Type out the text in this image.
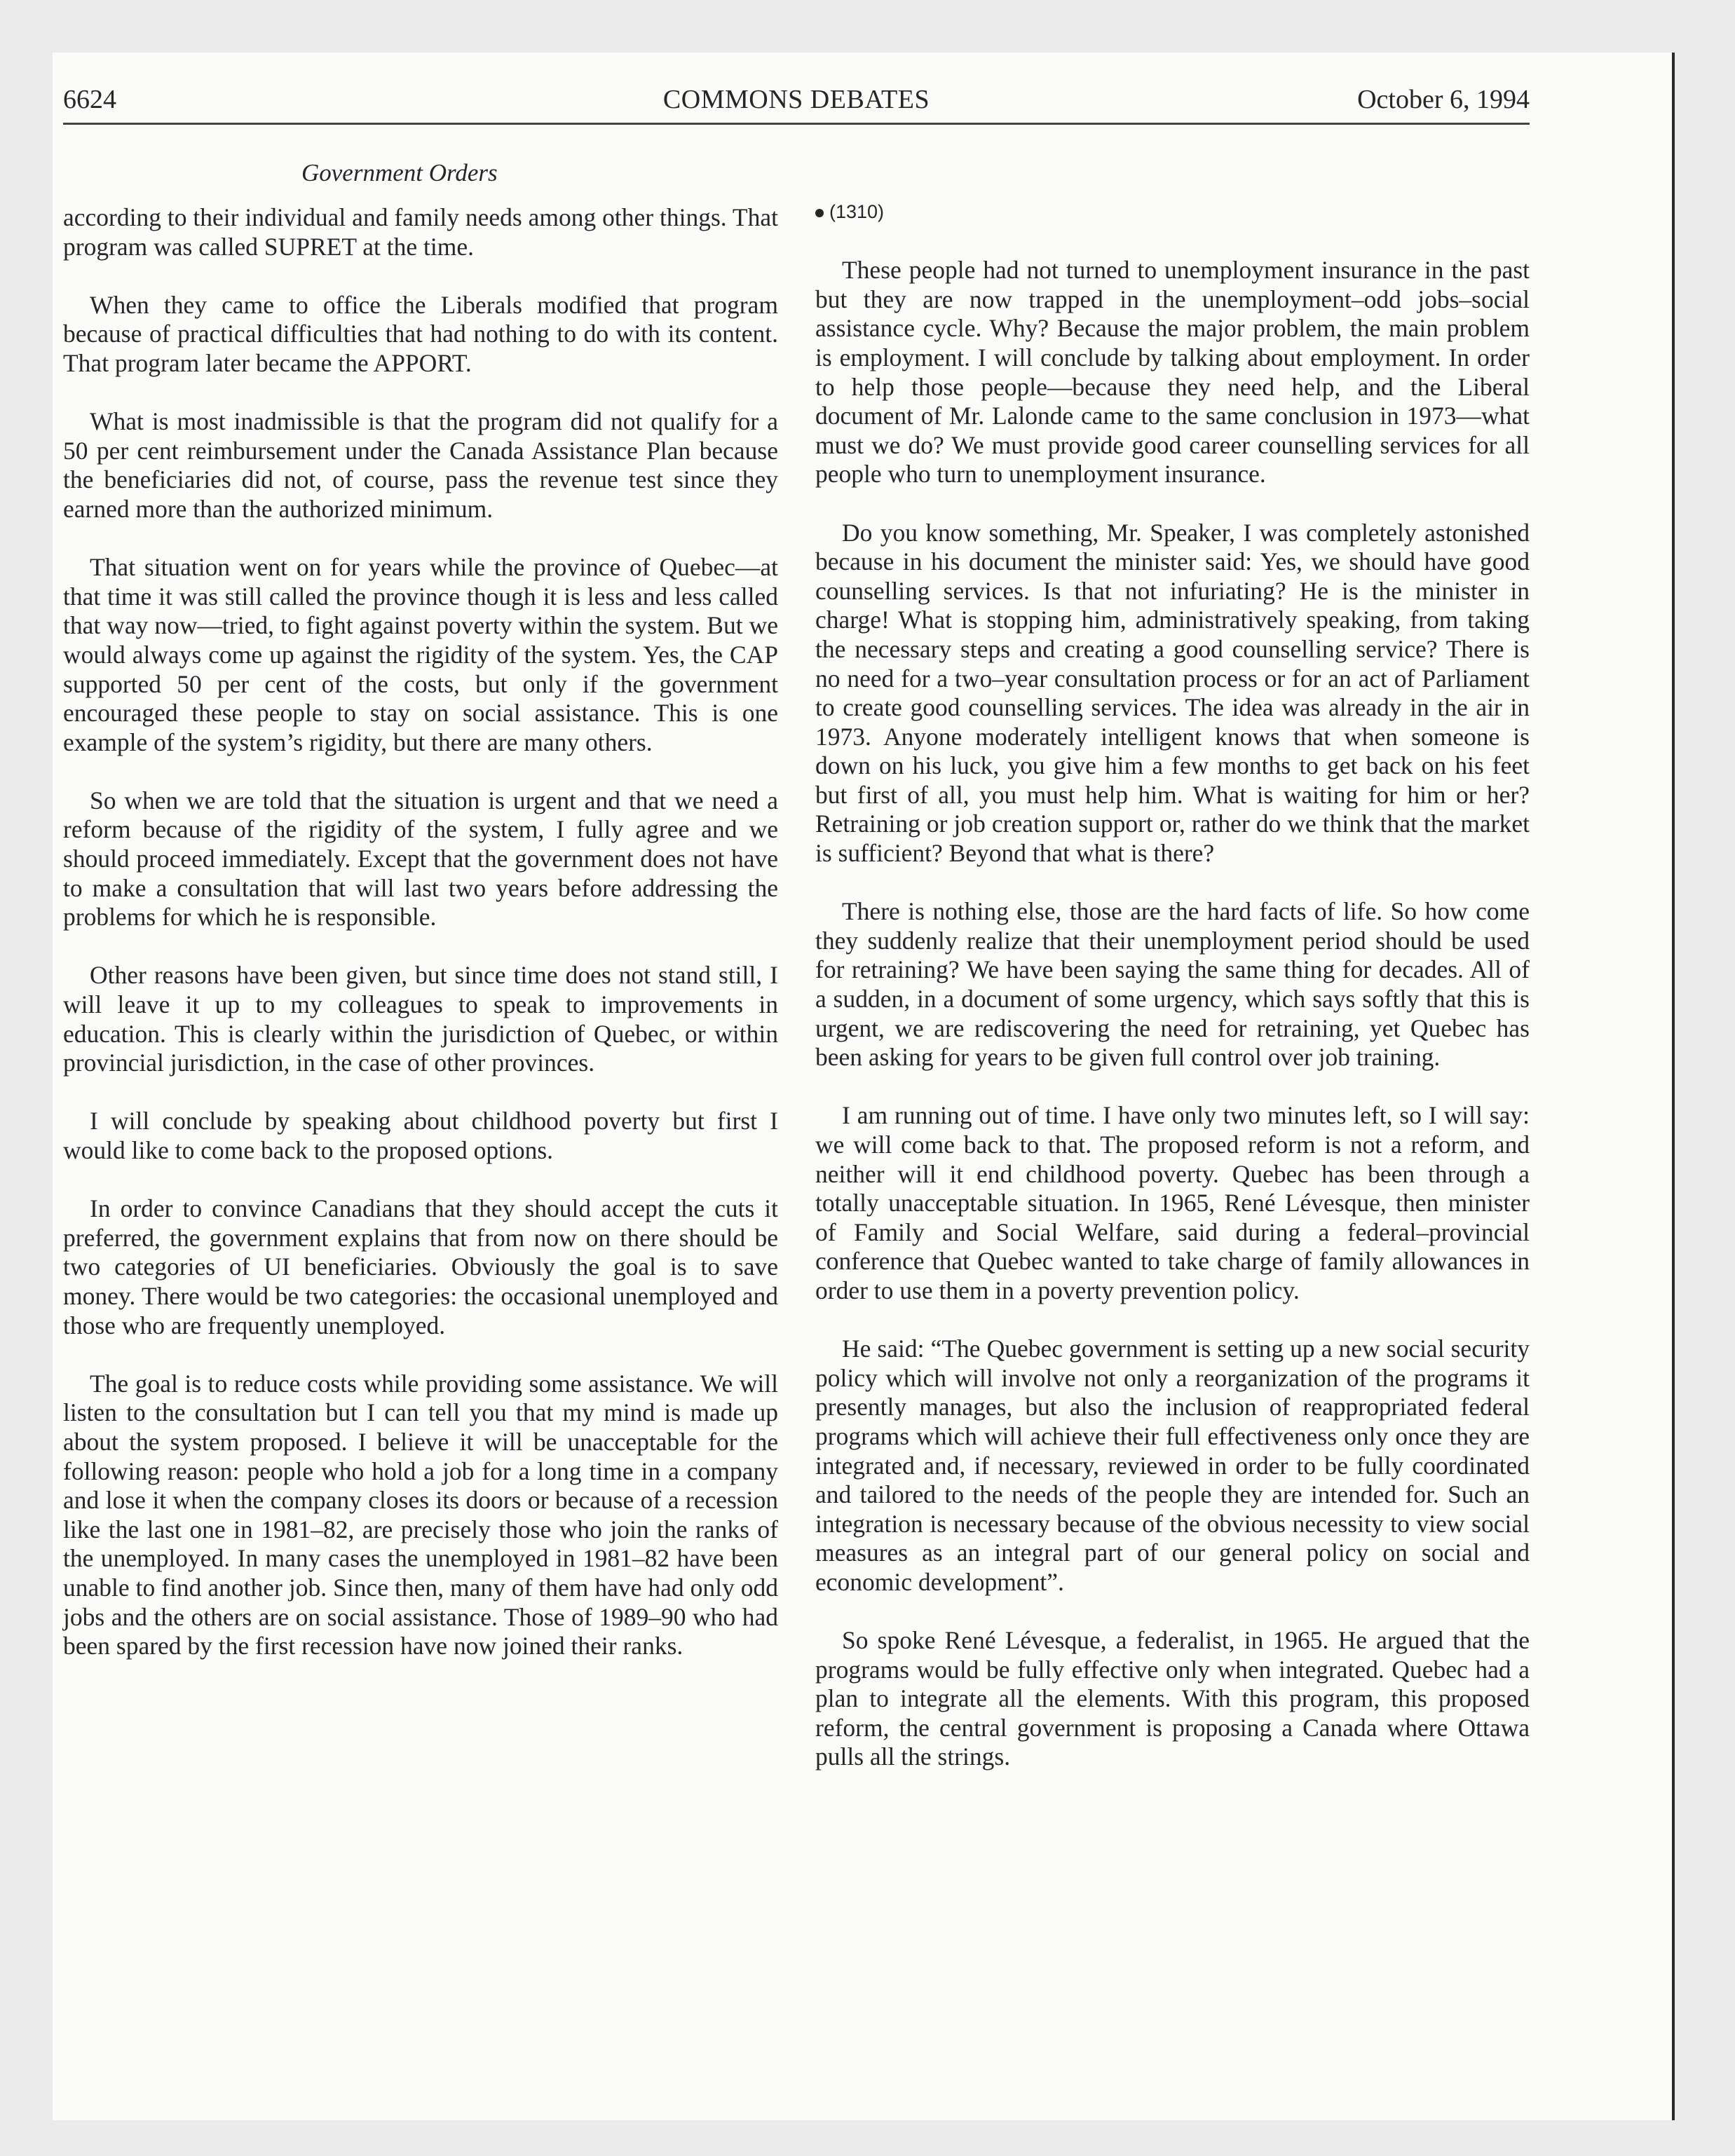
6624	COMMONS DEBATES	October 6, 1994
Government Orders

according to their individual and family needs among other things. That program was called SUPRET at the time.

When they came to office the Liberals modified that program because of practical difficulties that had nothing to do with its content. That program later became the APPORT.

What is most inadmissible is that the program did not qualify for a 50 per cent reimbursement under the Canada Assistance Plan because the beneficiaries did not, of course, pass the revenue test since they earned more than the authorized minimum.

That situation went on for years while the province of Quebec—at that time it was still called the province though it is less and less called that way now—tried, to fight against poverty within the system. But we would always come up against the rigidity of the system. Yes, the CAP supported 50 per cent of the costs, but only if the government encouraged these people to stay on social assistance. This is one example of the system’s rigidity, but there are many others.

So when we are told that the situation is urgent and that we need a reform because of the rigidity of the system, I fully agree and we should proceed immediately. Except that the government does not have to make a consultation that will last two years before addressing the problems for which he is responsible.

Other reasons have been given, but since time does not stand still, I will leave it up to my colleagues to speak to improvements in education. This is clearly within the jurisdiction of Quebec, or within provincial jurisdiction, in the case of other provinces.

I will conclude by speaking about childhood poverty but first I would like to come back to the proposed options.

In order to convince Canadians that they should accept the cuts it preferred, the government explains that from now on there should be two categories of UI beneficiaries. Obviously the goal is to save money. There would be two categories: the occasional unemployed and those who are frequently unemployed.

The goal is to reduce costs while providing some assistance. We will listen to the consultation but I can tell you that my mind is made up about the system proposed. I believe it will be unacceptable for the following reason: people who hold a job for a long time in a company and lose it when the company closes its doors or because of a recession like the last one in 1981–82, are precisely those who join the ranks of the unemployed. In many cases the unemployed in 1981–82 have been unable to find another job. Since then, many of them have had only odd jobs and the others are on social assistance. Those of 1989–90 who had been spared by the first recession have now joined their ranks.

(1310)

These people had not turned to unemployment insurance in the past but they are now trapped in the unemployment–odd jobs–social assistance cycle. Why? Because the major problem, the main problem is employment. I will conclude by talking about employment. In order to help those people—because they need help, and the Liberal document of Mr. Lalonde came to the same conclusion in 1973—what must we do? We must provide good career counselling services for all people who turn to unemployment insurance.

Do you know something, Mr. Speaker, I was completely astonished because in his document the minister said: Yes, we should have good counselling services. Is that not infuriating? He is the minister in charge! What is stopping him, administratively speaking, from taking the necessary steps and creating a good counselling service? There is no need for a two–year consultation process or for an act of Parliament to create good counselling services. The idea was already in the air in 1973. Anyone moderately intelligent knows that when someone is down on his luck, you give him a few months to get back on his feet but first of all, you must help him. What is waiting for him or her? Retraining or job creation support or, rather do we think that the market is sufficient? Beyond that what is there?

There is nothing else, those are the hard facts of life. So how come they suddenly realize that their unemployment period should be used for retraining? We have been saying the same thing for decades. All of a sudden, in a document of some urgency, which says softly that this is urgent, we are rediscovering the need for retraining, yet Quebec has been asking for years to be given full control over job training.

I am running out of time. I have only two minutes left, so I will say: we will come back to that. The proposed reform is not a reform, and neither will it end childhood poverty. Quebec has been through a totally unacceptable situation. In 1965, René Lévesque, then minister of Family and Social Welfare, said during a federal–provincial conference that Quebec wanted to take charge of family allowances in order to use them in a poverty prevention policy.

He said: “The Quebec government is setting up a new social security policy which will involve not only a reorganization of the programs it presently manages, but also the inclusion of reappropriated federal programs which will achieve their full effectiveness only once they are integrated and, if necessary, reviewed in order to be fully coordinated and tailored to the needs of the people they are intended for. Such an integration is necessary because of the obvious necessity to view social measures as an integral part of our general policy on social and economic development”.

So spoke René Lévesque, a federalist, in 1965. He argued that the programs would be fully effective only when integrated. Quebec had a plan to integrate all the elements. With this program, this proposed reform, the central government is proposing a Canada where Ottawa pulls all the strings.
